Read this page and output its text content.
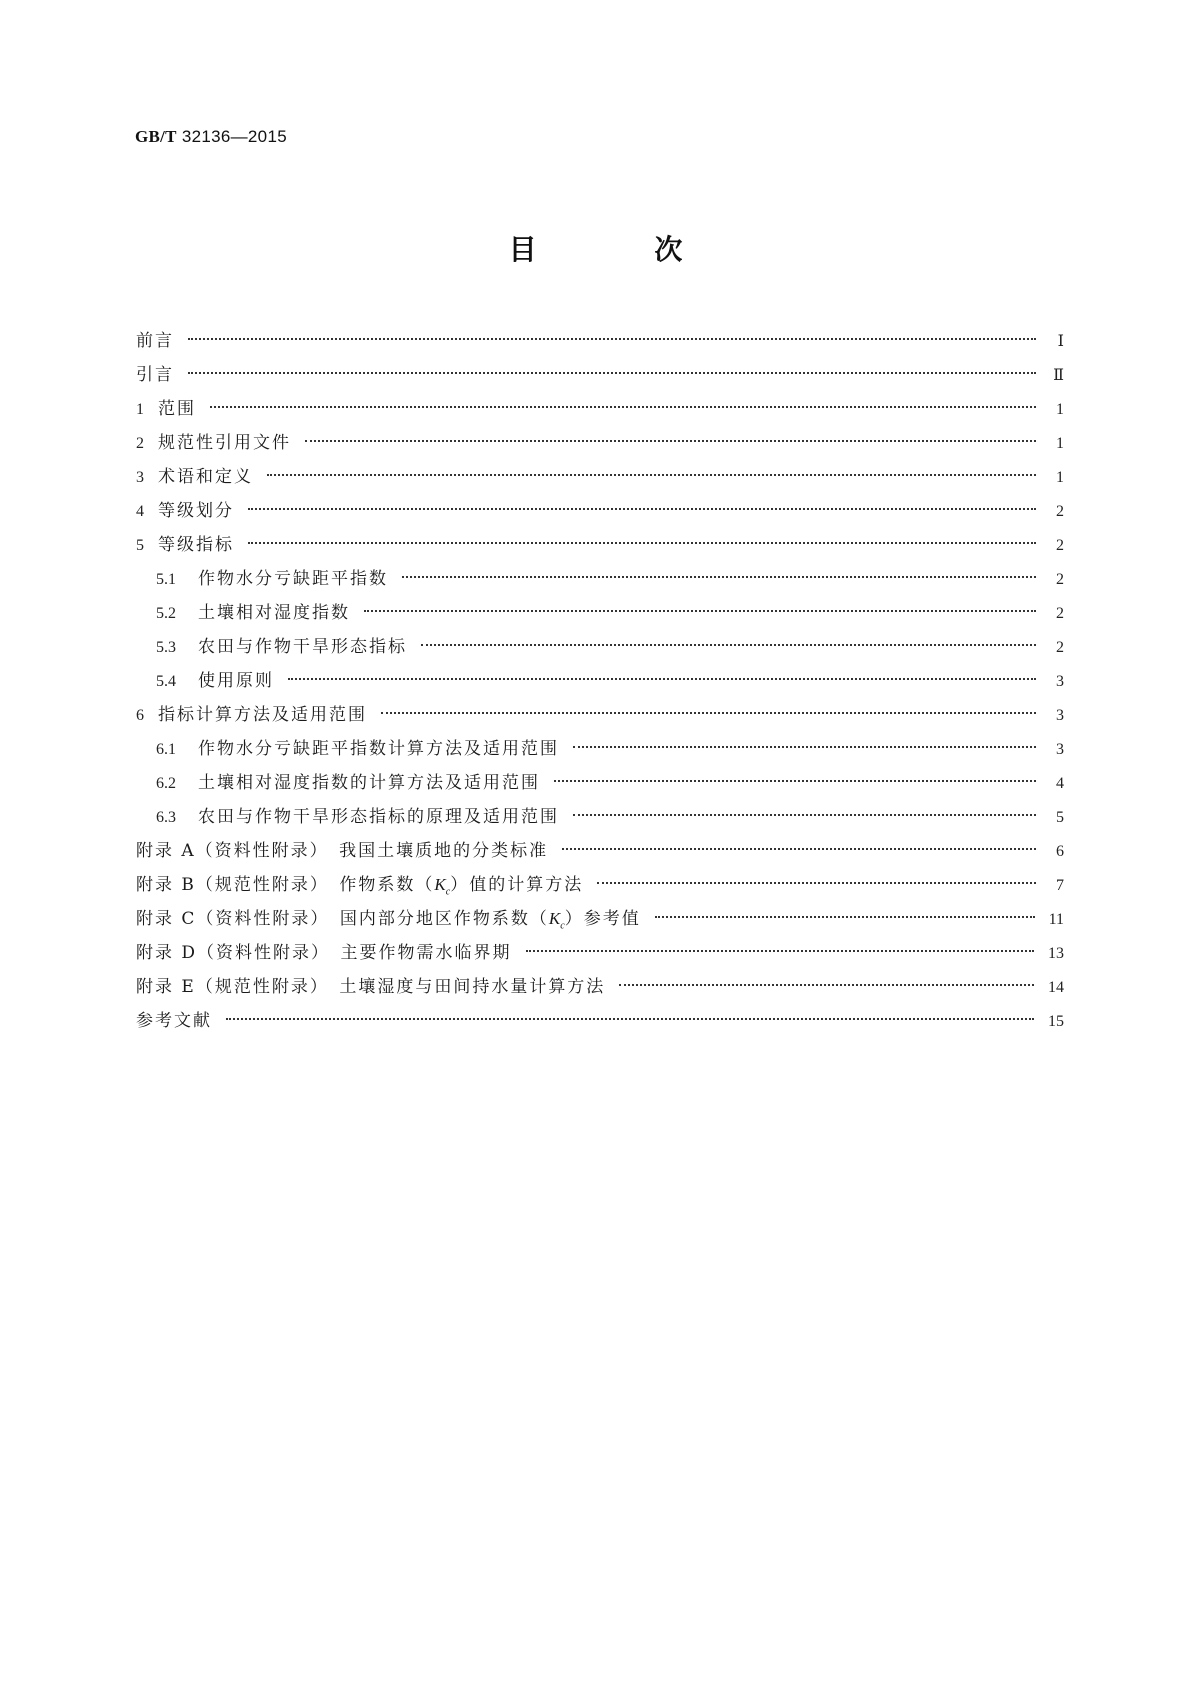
GB/T 32136—2015
目 次
前言	Ⅰ
引言	Ⅱ
1 范围	1
2 规范性引用文件	1
3 术语和定义	1
4 等级划分	2
5 等级指标	2
5.1 作物水分亏缺距平指数	2
5.2 土壤相对湿度指数	2
5.3 农田与作物干旱形态指标	2
5.4 使用原则	3
6 指标计算方法及适用范围	3
6.1 作物水分亏缺距平指数计算方法及适用范围	3
6.2 土壤相对湿度指数的计算方法及适用范围	4
6.3 农田与作物干旱形态指标的原理及适用范围	5
附录 A（资料性附录）　我国土壤质地的分类标准	6
附录 B（规范性附录）　作物系数$(K_c)$值的计算方法	7
附录 C（资料性附录）　国内部分地区作物系数$(K_c)$参考值	11
附录 D（资料性附录）　主要作物需水临界期	13
附录 E（规范性附录）　土壤湿度与田间持水量计算方法	14
参考文献	15
